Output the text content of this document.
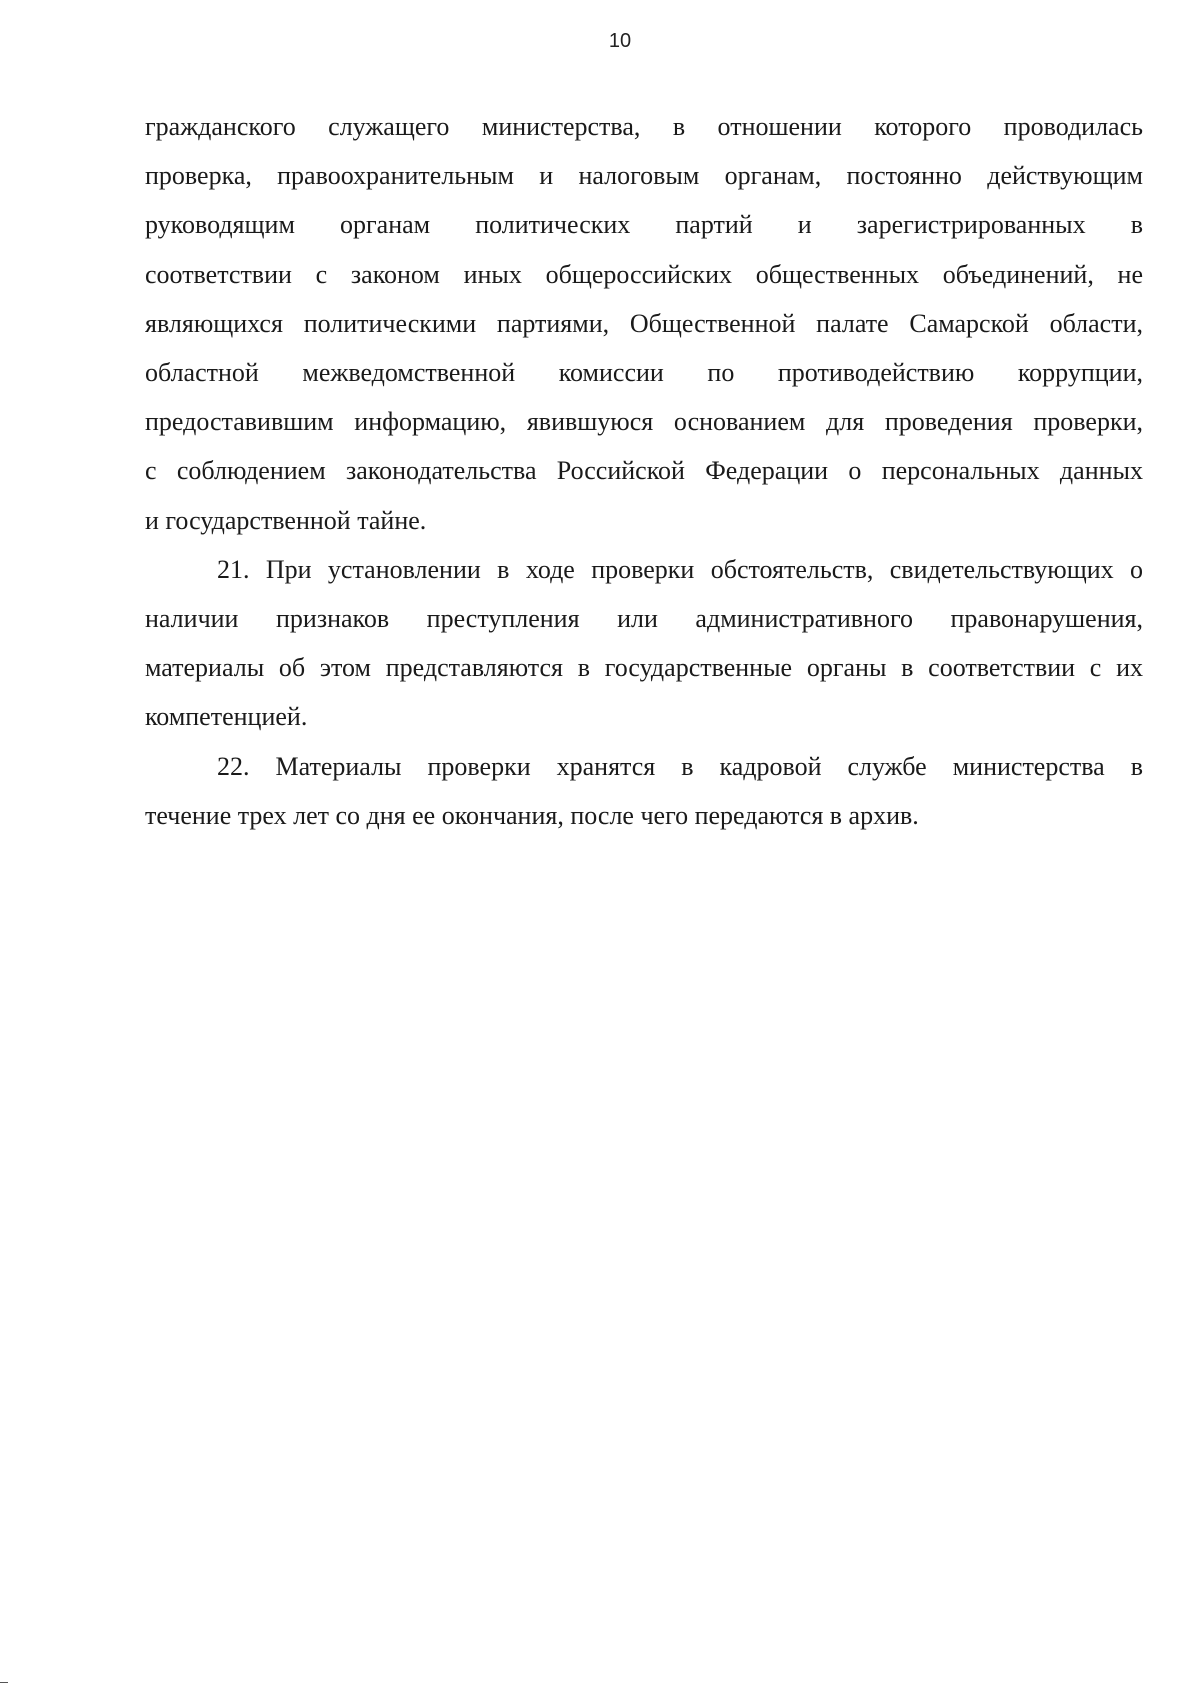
10
гражданского служащего министерства, в отношении которого проводилась
проверка, правоохранительным и налоговым органам, постоянно действующим
руководящим органам политических партий и зарегистрированных в
соответствии с законом иных общероссийских общественных объединений, не
являющихся политическими партиями, Общественной палате Самарской области,
областной межведомственной комиссии по противодействию коррупции,
предоставившим информацию, явившуюся основанием для проведения проверки,
с соблюдением законодательства Российской Федерации о персональных данных
и государственной тайне.
21. При установлении в ходе проверки обстоятельств, свидетельствующих о
наличии признаков преступления или административного правонарушения,
материалы об этом представляются в государственные органы в соответствии с их
компетенцией.
22. Материалы проверки хранятся в кадровой службе министерства в
течение трех лет со дня ее окончания, после чего передаются в архив.
